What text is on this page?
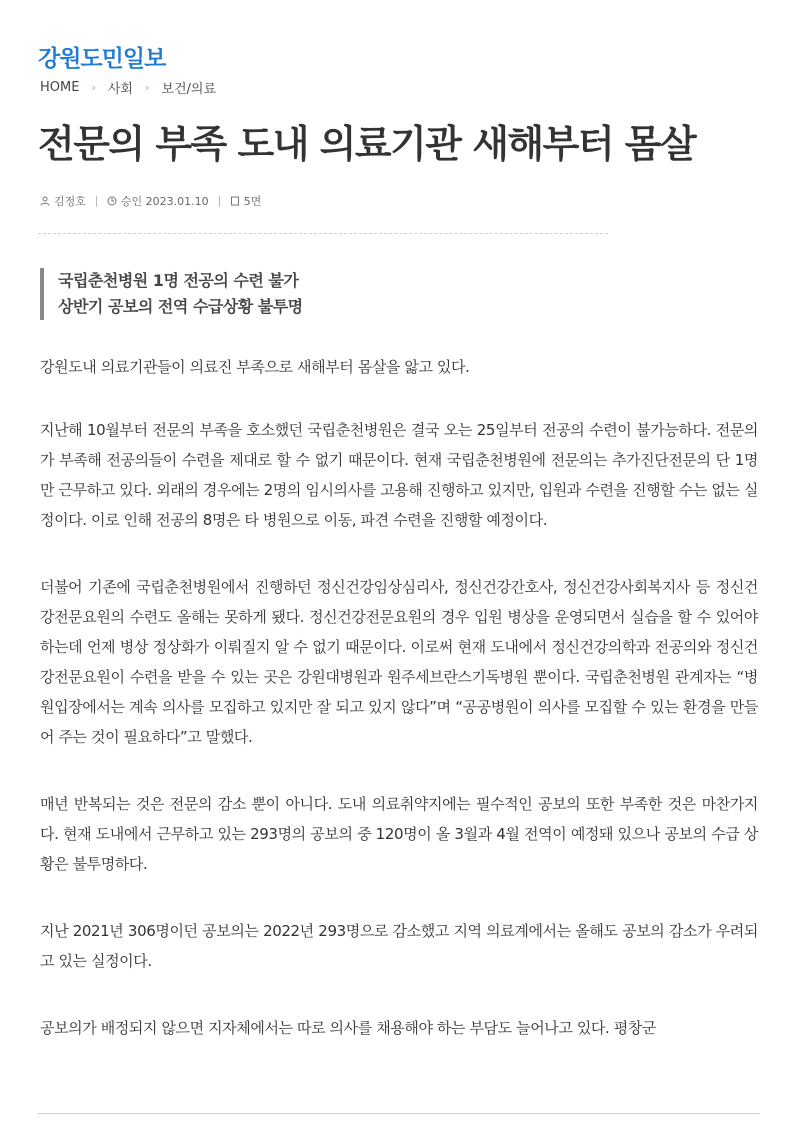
강원도민일보
HOME › 사회 › 보건/의료
전문의 부족 도내 의료기관 새해부터 몸살
김정호	승인 2023.01.10	5면
국립춘천병원 1명 전공의 수련 불가
상반기 공보의 전역 수급상황 불투명

강원도내 의료기관들이 의료진 부족으로 새해부터 몸살을 앓고 있다.

지난해 10월부터 전문의 부족을 호소했던 국립춘천병원은 결국 오는 25일부터 전공의 수련이 불가능하다. 전문의가 부족해 전공의들이 수련을 제대로 할 수 없기 때문이다. 현재 국립춘천병원에 전문의는 추가진단전문의 단 1명만 근무하고 있다. 외래의 경우에는 2명의 임시의사를 고용해 진행하고 있지만, 입원과 수련을 진행할 수는 없는 실정이다. 이로 인해 전공의 8명은 타 병원으로 이동, 파견 수련을 진행할 예정이다.

더불어 기존에 국립춘천병원에서 진행하던 정신건강임상심리사, 정신건강간호사, 정신건강사회복지사 등 정신건강전문요원의 수련도 올해는 못하게 됐다. 정신건강전문요원의 경우 입원 병상을 운영되면서 실습을 할 수 있어야 하는데 언제 병상 정상화가 이뤄질지 알 수 없기 때문이다. 이로써 현재 도내에서 정신건강의학과 전공의와 정신건강전문요원이 수련을 받을 수 있는 곳은 강원대병원과 원주세브란스기독병원 뿐이다. 국립춘천병원 관계자는 “병원입장에서는 계속 의사를 모집하고 있지만 잘 되고 있지 않다”며 “공공병원이 의사를 모집할 수 있는 환경을 만들어 주는 것이 필요하다”고 말했다.

매년 반복되는 것은 전문의 감소 뿐이 아니다. 도내 의료취약지에는 필수적인 공보의 또한 부족한 것은 마찬가지다. 현재 도내에서 근무하고 있는 293명의 공보의 중 120명이 올 3월과 4월 전역이 예정돼 있으나 공보의 수급 상황은 불투명하다.

지난 2021년 306명이던 공보의는 2022년 293명으로 감소했고 지역 의료계에서는 올해도 공보의 감소가 우려되고 있는 실정이다.

공보의가 배정되지 않으면 지자체에서는 따로 의사를 채용해야 하는 부담도 늘어나고 있다. 평창군
